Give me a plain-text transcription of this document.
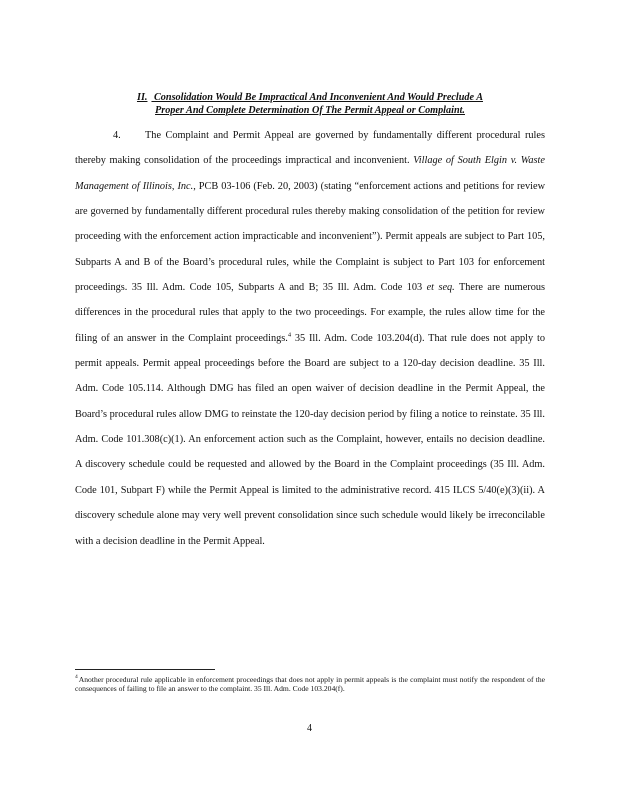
II. Consolidation Would Be Impractical And Inconvenient And Would Preclude A
Proper And Complete Determination Of The Permit Appeal or Complaint.
4. The Complaint and Permit Appeal are governed by fundamentally different procedural rules thereby making consolidation of the proceedings impractical and inconvenient. Village of South Elgin v. Waste Management of Illinois, Inc., PCB 03-106 (Feb. 20, 2003) (stating “enforcement actions and petitions for review are governed by fundamentally different procedural rules thereby making consolidation of the petition for review proceeding with the enforcement action impracticable and inconvenient”). Permit appeals are subject to Part 105, Subparts A and B of the Board’s procedural rules, while the Complaint is subject to Part 103 for enforcement proceedings. 35 Ill. Adm. Code 105, Subparts A and B; 35 Ill. Adm. Code 103 et seq. There are numerous differences in the procedural rules that apply to the two proceedings. For example, the rules allow time for the filing of an answer in the Complaint proceedings.$^4$ 35 Ill. Adm. Code 103.204(d). That rule does not apply to permit appeals. Permit appeal proceedings before the Board are subject to a 120-day decision deadline. 35 Ill. Adm. Code 105.114. Although DMG has filed an open waiver of decision deadline in the Permit Appeal, the Board’s procedural rules allow DMG to reinstate the 120-day decision period by filing a notice to reinstate. 35 Ill. Adm. Code 101.308(c)(1). An enforcement action such as the Complaint, however, entails no decision deadline. A discovery schedule could be requested and allowed by the Board in the Complaint proceedings (35 Ill. Adm. Code 101, Subpart F) while the Permit Appeal is limited to the administrative record. 415 ILCS 5/40(e)(3)(ii). A discovery schedule alone may very well prevent consolidation since such schedule would likely be irreconcilable with a decision deadline in the Permit Appeal.
$^4$Another procedural rule applicable in enforcement proceedings that does not apply in permit appeals is the complaint must notify the respondent of the consequences of failing to file an answer to the complaint. 35 Ill. Adm. Code 103.204(f).
4
